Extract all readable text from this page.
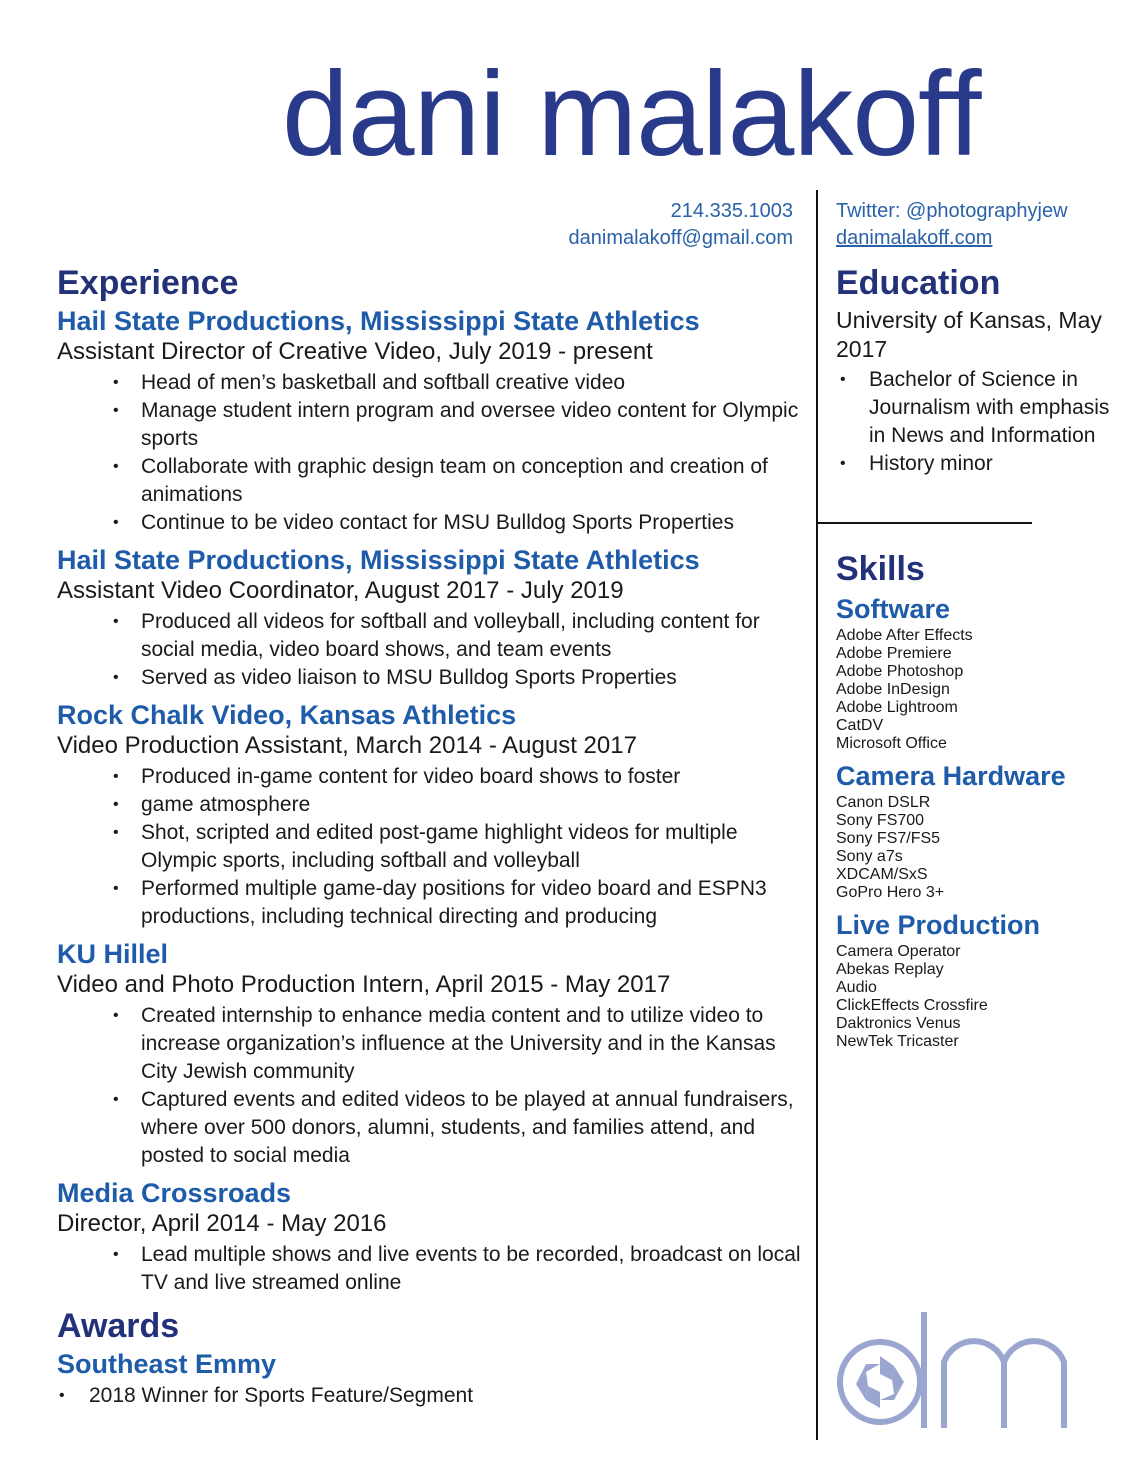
dani malakoff
214.335.1003
danimalakoff@gmail.com
Twitter: @photographyjew
danimalakoff.com
Experience
Hail State Productions, Mississippi State Athletics
Assistant Director of Creative Video, July 2019 - present
• Head of men’s basketball and softball creative video
• Manage student intern program and oversee video content for Olympic sports
• Collaborate with graphic design team on conception and creation of animations
• Continue to be video contact for MSU Bulldog Sports Properties
Hail State Productions, Mississippi State Athletics
Assistant Video Coordinator, August 2017 - July 2019
• Produced all videos for softball and volleyball, including content for social media, video board shows, and team events
• Served as video liaison to MSU Bulldog Sports Properties
Rock Chalk Video, Kansas Athletics
Video Production Assistant, March 2014 - August 2017
• Produced in-game content for video board shows to foster
• game atmosphere
• Shot, scripted and edited post-game highlight videos for multiple Olympic sports, including softball and volleyball
• Performed multiple game-day positions for video board and ESPN3 productions, including technical directing and producing
KU Hillel
Video and Photo Production Intern, April 2015 - May 2017
• Created internship to enhance media content and to utilize video to increase organization’s influence at the University and in the Kansas City Jewish community
• Captured events and edited videos to be played at annual fundraisers, where over 500 donors, alumni, students, and families attend, and posted to social media
Media Crossroads
Director, April 2014 - May 2016
• Lead multiple shows and live events to be recorded, broadcast on local TV and live streamed online
Awards
Southeast Emmy
• 2018 Winner for Sports Feature/Segment
Education
University of Kansas, May 2017
• Bachelor of Science in Journalism with emphasis in News and Information
• History minor
Skills
Software
Adobe After Effects
Adobe Premiere
Adobe Photoshop
Adobe InDesign
Adobe Lightroom
CatDV
Microsoft Office
Camera Hardware
Canon DSLR
Sony FS700
Sony FS7/FS5
Sony a7s
XDCAM/SxS
GoPro Hero 3+
Live Production
Camera Operator
Abekas Replay
Audio
ClickEffects Crossfire
Daktronics Venus
NewTek Tricaster
